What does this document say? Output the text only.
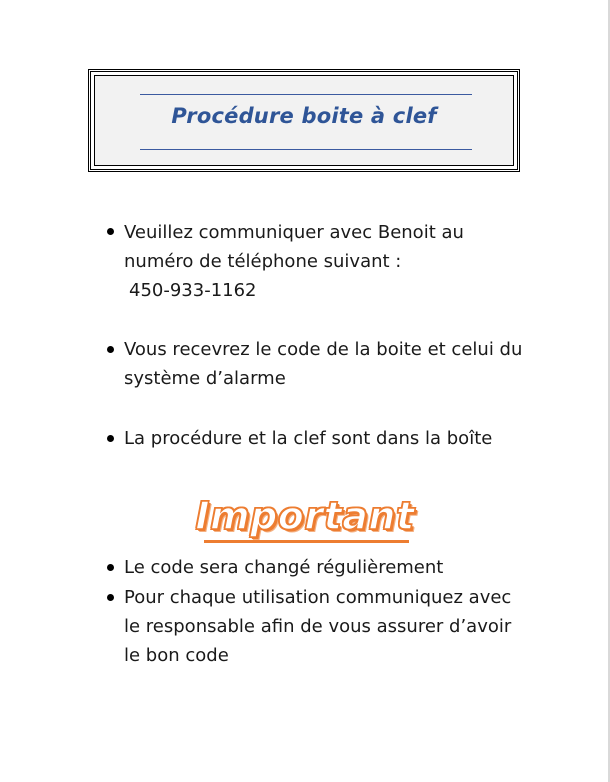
Procédure boite à clef
Veuillez communiquer avec Benoit au
numéro de téléphone suivant :
450-933-1162
Vous recevrez le code de la boite et celui du
système d’alarme
La procédure et la clef sont dans la boîte
Important
Le code sera changé régulièrement
Pour chaque utilisation communiquez avec
le responsable afin de vous assurer d’avoir
le bon code
